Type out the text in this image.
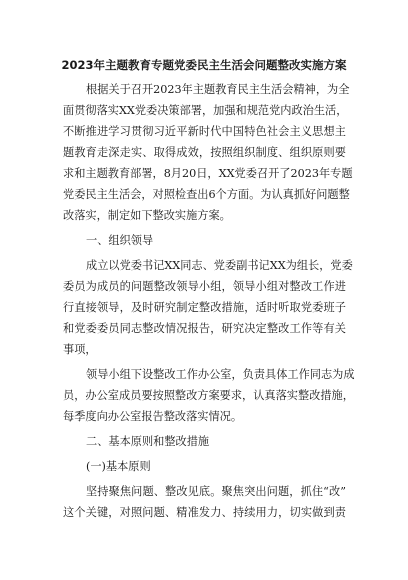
2023年主题教育专题党委民主生活会问题整改实施方案
根据关于召开2023年主题教育民主生活会精神，为全
面贯彻落实XX党委决策部署，加强和规范党内政治生活，
不断推进学习贯彻习近平新时代中国特色社会主义思想主
题教育走深走实、取得成效，按照组织制度、组织原则要
求和主题教育部署，8月20日，XX党委召开了2023年专题
党委民主生活会，对照检查出6个方面。为认真抓好问题整
改落实，制定如下整改实施方案。
一、组织领导
成立以党委书记XX同志、党委副书记XX为组长，党委
委员为成员的问题整改领导小组，领导小组对整改工作进
行直接领导，及时研究制定整改措施，适时听取党委班子
和党委委员同志整改情况报告，研究决定整改工作等有关
事项，
领导小组下设整改工作办公室，负责具体工作同志为成
员，办公室成员要按照整改方案要求，认真落实整改措施，
每季度向办公室报告整改落实情况。
二、基本原则和整改措施
(一)基本原则
坚持聚焦问题、整改见底。聚焦突出问题，抓住“改”
这个关键，对照问题、精准发力、持续用力，切实做到责
